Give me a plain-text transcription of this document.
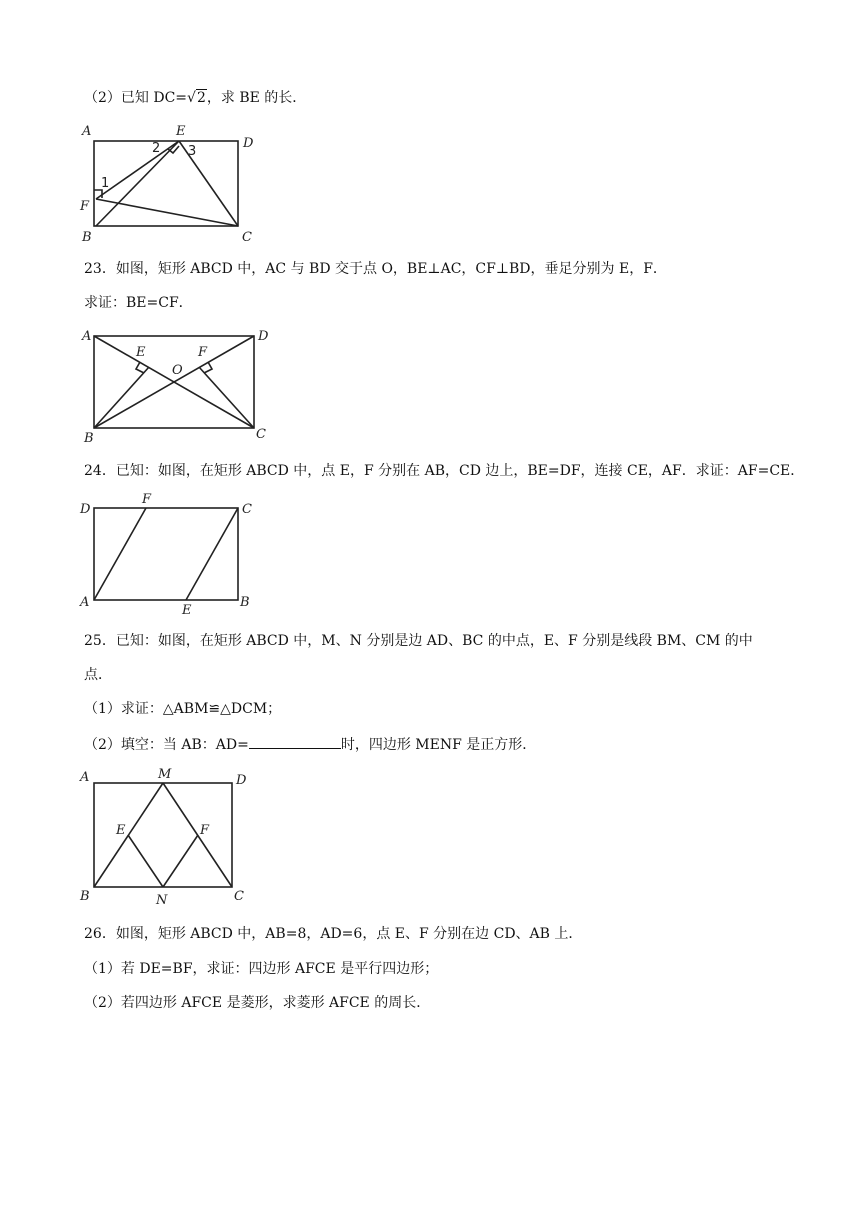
（2）已知 DC=√2，求 BE 的长．
A	E
D
F
B	C
2 3
1
23．如图，矩形 ABCD 中，AC 与 BD 交于点 O，BE⊥AC，CF⊥BD，垂足分别为 E，F．
求证：BE=CF．
A	D
E	F
O
B	C
24．已知：如图，在矩形 ABCD 中，点 E，F 分别在 AB，CD 边上，BE=DF，连接 CE，AF．求证：AF=CE．
D
F
C
A
E
B
25．已知：如图，在矩形 ABCD 中，M、N 分别是边 AD、BC 的中点，E、F 分别是线段 BM、CM 的中
点．
（1）求证：△ABM≌△DCM；
（2）填空：当 AB：AD=	时，四边形 MENF 是正方形．
A	M	D
E	F
B	N	C
26．如图，矩形 ABCD 中，AB=8，AD=6，点 E、F 分别在边 CD、AB 上．
（1）若 DE=BF，求证：四边形 AFCE 是平行四边形；
（2）若四边形 AFCE 是菱形，求菱形 AFCE 的周长．
